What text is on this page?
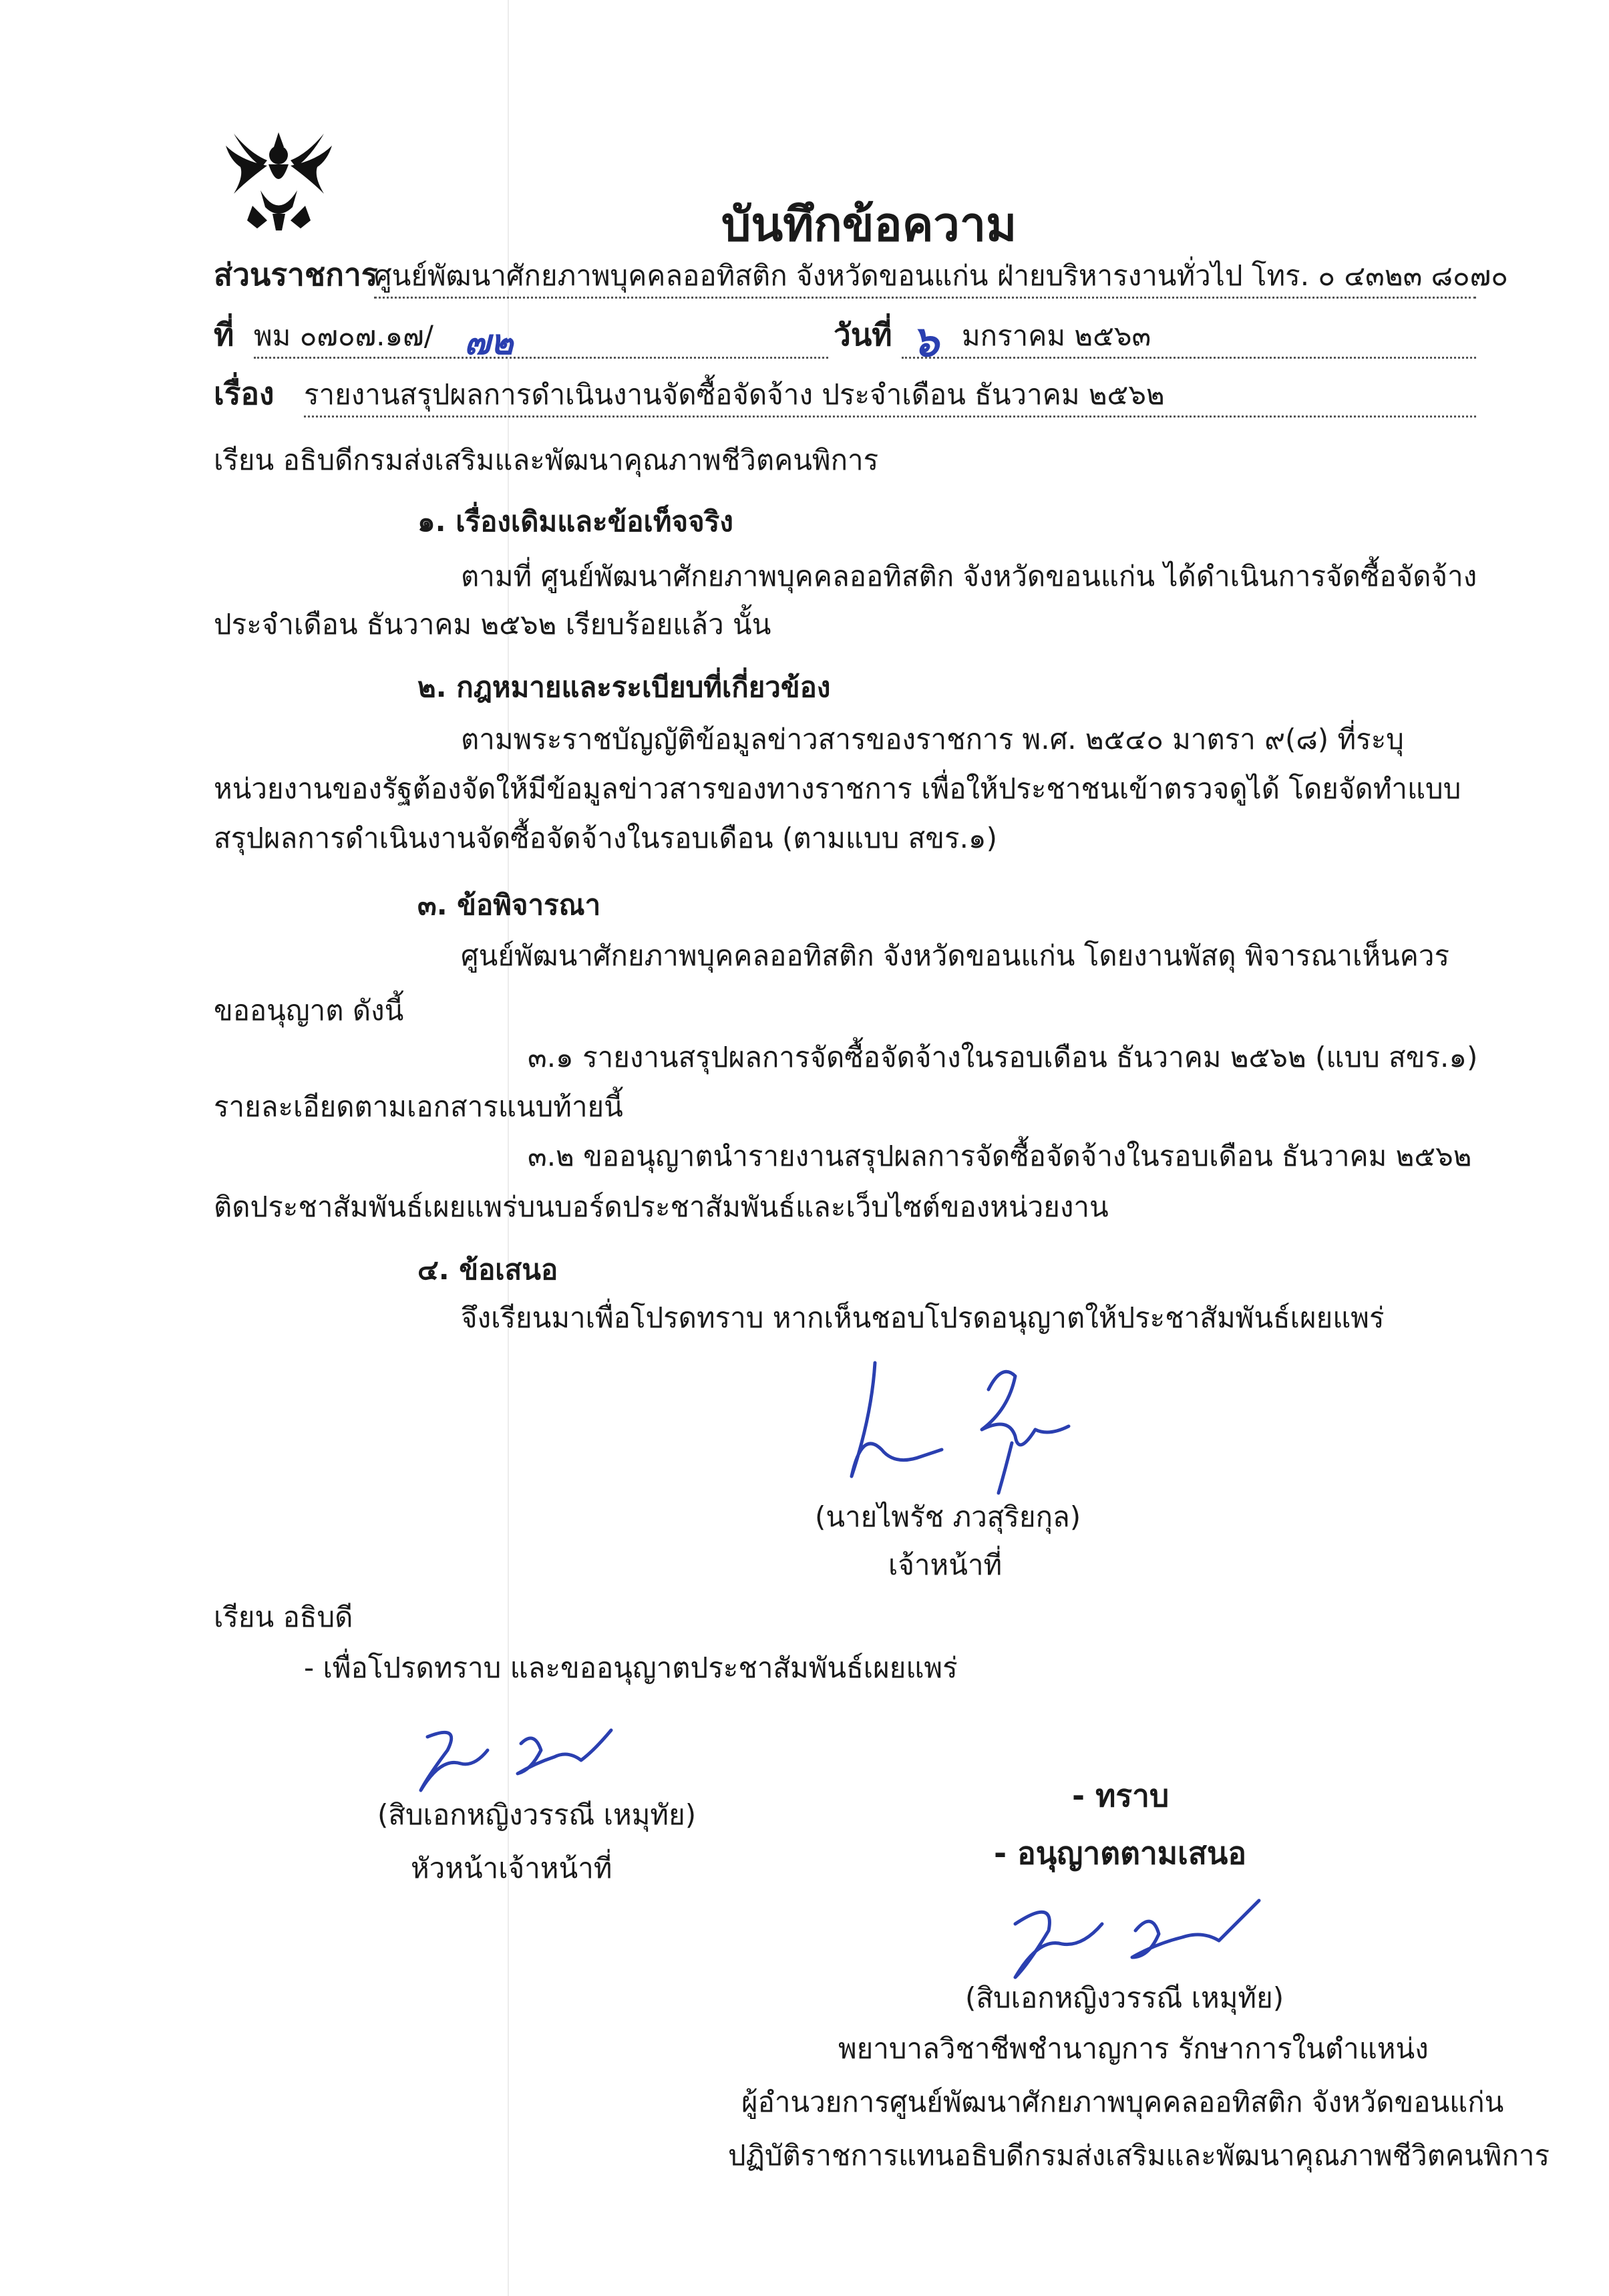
บันทึกข้อความ
ส่วนราชการ
ศูนย์พัฒนาศักยภาพบุคคลออทิสติก จังหวัดขอนแก่น ฝ่ายบริหารงานทั่วไป โทร. ๐ ๔๓๒๓ ๘๐๗๐
ที่ พม ๐๗๐๗.๑๗/ ๗๒	วันที่ ๖ มกราคม ๒๕๖๓
เรื่อง รายงานสรุปผลการดำเนินงานจัดซื้อจัดจ้าง ประจำเดือน ธันวาคม ๒๕๖๒
เรียน อธิบดีกรมส่งเสริมและพัฒนาคุณภาพชีวิตคนพิการ
๑. เรื่องเดิมและข้อเท็จจริง
ตามที่ ศูนย์พัฒนาศักยภาพบุคคลออทิสติก จังหวัดขอนแก่น ได้ดำเนินการจัดซื้อจัดจ้าง
ประจำเดือน ธันวาคม ๒๕๖๒ เรียบร้อยแล้ว นั้น
๒. กฎหมายและระเบียบที่เกี่ยวข้อง
ตามพระราชบัญญัติข้อมูลข่าวสารของราชการ พ.ศ. ๒๕๔๐ มาตรา ๙(๘) ที่ระบุ
หน่วยงานของรัฐต้องจัดให้มีข้อมูลข่าวสารของทางราชการ เพื่อให้ประชาชนเข้าตรวจดูได้ โดยจัดทำแบบ
สรุปผลการดำเนินงานจัดซื้อจัดจ้างในรอบเดือน (ตามแบบ สขร.๑)
๓. ข้อพิจารณา
ศูนย์พัฒนาศักยภาพบุคคลออทิสติก จังหวัดขอนแก่น โดยงานพัสดุ พิจารณาเห็นควร
ขออนุญาต ดังนี้
๓.๑ รายงานสรุปผลการจัดซื้อจัดจ้างในรอบเดือน ธันวาคม ๒๕๖๒ (แบบ สขร.๑)
รายละเอียดตามเอกสารแนบท้ายนี้
๓.๒ ขออนุญาตนำรายงานสรุปผลการจัดซื้อจัดจ้างในรอบเดือน ธันวาคม ๒๕๖๒
ติดประชาสัมพันธ์เผยแพร่บนบอร์ดประชาสัมพันธ์และเว็บไซต์ของหน่วยงาน
๔. ข้อเสนอ
จึงเรียนมาเพื่อโปรดทราบ หากเห็นชอบโปรดอนุญาตให้ประชาสัมพันธ์เผยแพร่
(นายไพรัช ภวสุริยกุล)
เจ้าหน้าที่
เรียน อธิบดี
- เพื่อโปรดทราบ และขออนุญาตประชาสัมพันธ์เผยแพร่
(สิบเอกหญิงวรรณี เหมุทัย)
หัวหน้าเจ้าหน้าที่
- ทราบ
- อนุญาตตามเสนอ
(สิบเอกหญิงวรรณี เหมุทัย)
พยาบาลวิชาชีพชำนาญการ รักษาการในตำแหน่ง
ผู้อำนวยการศูนย์พัฒนาศักยภาพบุคคลออทิสติก จังหวัดขอนแก่น
ปฏิบัติราชการแทนอธิบดีกรมส่งเสริมและพัฒนาคุณภาพชีวิตคนพิการ
